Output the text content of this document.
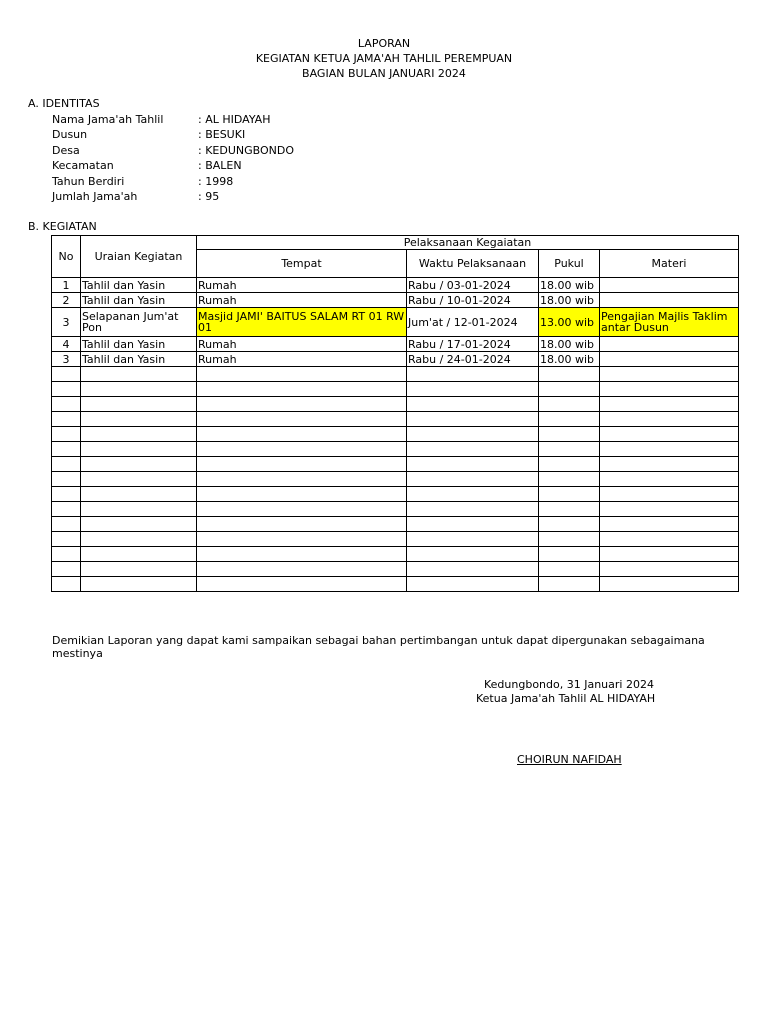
LAPORAN
KEGIATAN KETUA JAMA'AH TAHLIL PEREMPUAN
BAGIAN BULAN JANUARI 2024
A. IDENTITAS
Nama Jama'ah Tahlil	: AL HIDAYAH
Dusun	: BESUKI
Desa	: KEDUNGBONDO
Kecamatan	: BALEN
Tahun Berdiri	: 1998
Jumlah Jama'ah	: 95
B. KEGIATAN
No	Uraian Kegiatan	Pelaksanaan Kegaiatan			
		Tempat	Waktu Pelaksanaan	Pukul	Materi
1	Tahlil dan Yasin	Rumah	Rabu / 03-01-2024	18.00 wib	
2	Tahlil dan Yasin	Rumah	Rabu / 10-01-2024	18.00 wib	
3	Selapanan Jum'at Pon	Masjid JAMI' BAITUS SALAM RT 01 RW 01	Jum'at / 12-01-2024	13.00 wib	Pengajian Majlis Taklim antar Dusun
4	Tahlil dan Yasin	Rumah	Rabu / 17-01-2024	18.00 wib	
3	Tahlil dan Yasin	Rumah	Rabu / 24-01-2024	18.00 wib	

Demikian Laporan yang dapat kami sampaikan sebagai bahan pertimbangan untuk dapat dipergunakan sebagaimana mestinya
Kedungbondo, 31 Januari 2024
Ketua Jama'ah Tahlil AL HIDAYAH
CHOIRUN NAFIDAH
